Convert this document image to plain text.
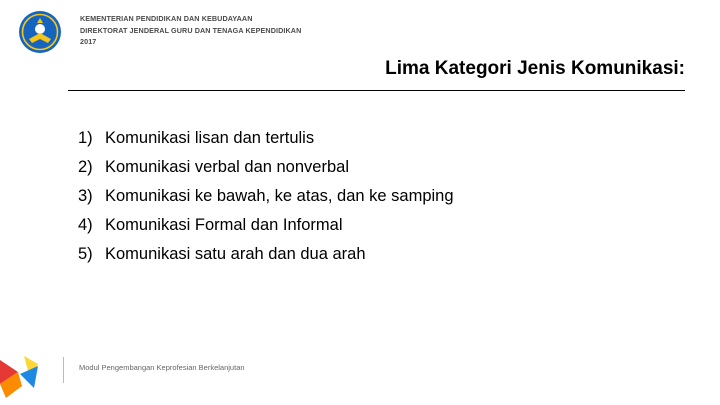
KEMENTERIAN PENDIDIKAN DAN KEBUDAYAAN
DIREKTORAT JENDERAL GURU DAN TENAGA KEPENDIDIKAN
2017
Lima Kategori Jenis Komunikasi:
1) Komunikasi lisan dan tertulis
2) Komunikasi verbal dan nonverbal
3) Komunikasi ke bawah, ke atas, dan ke samping
4) Komunikasi Formal dan Informal
5) Komunikasi satu arah dan dua arah
Modul Pengembangan Keprofesian Berkelanjutan
